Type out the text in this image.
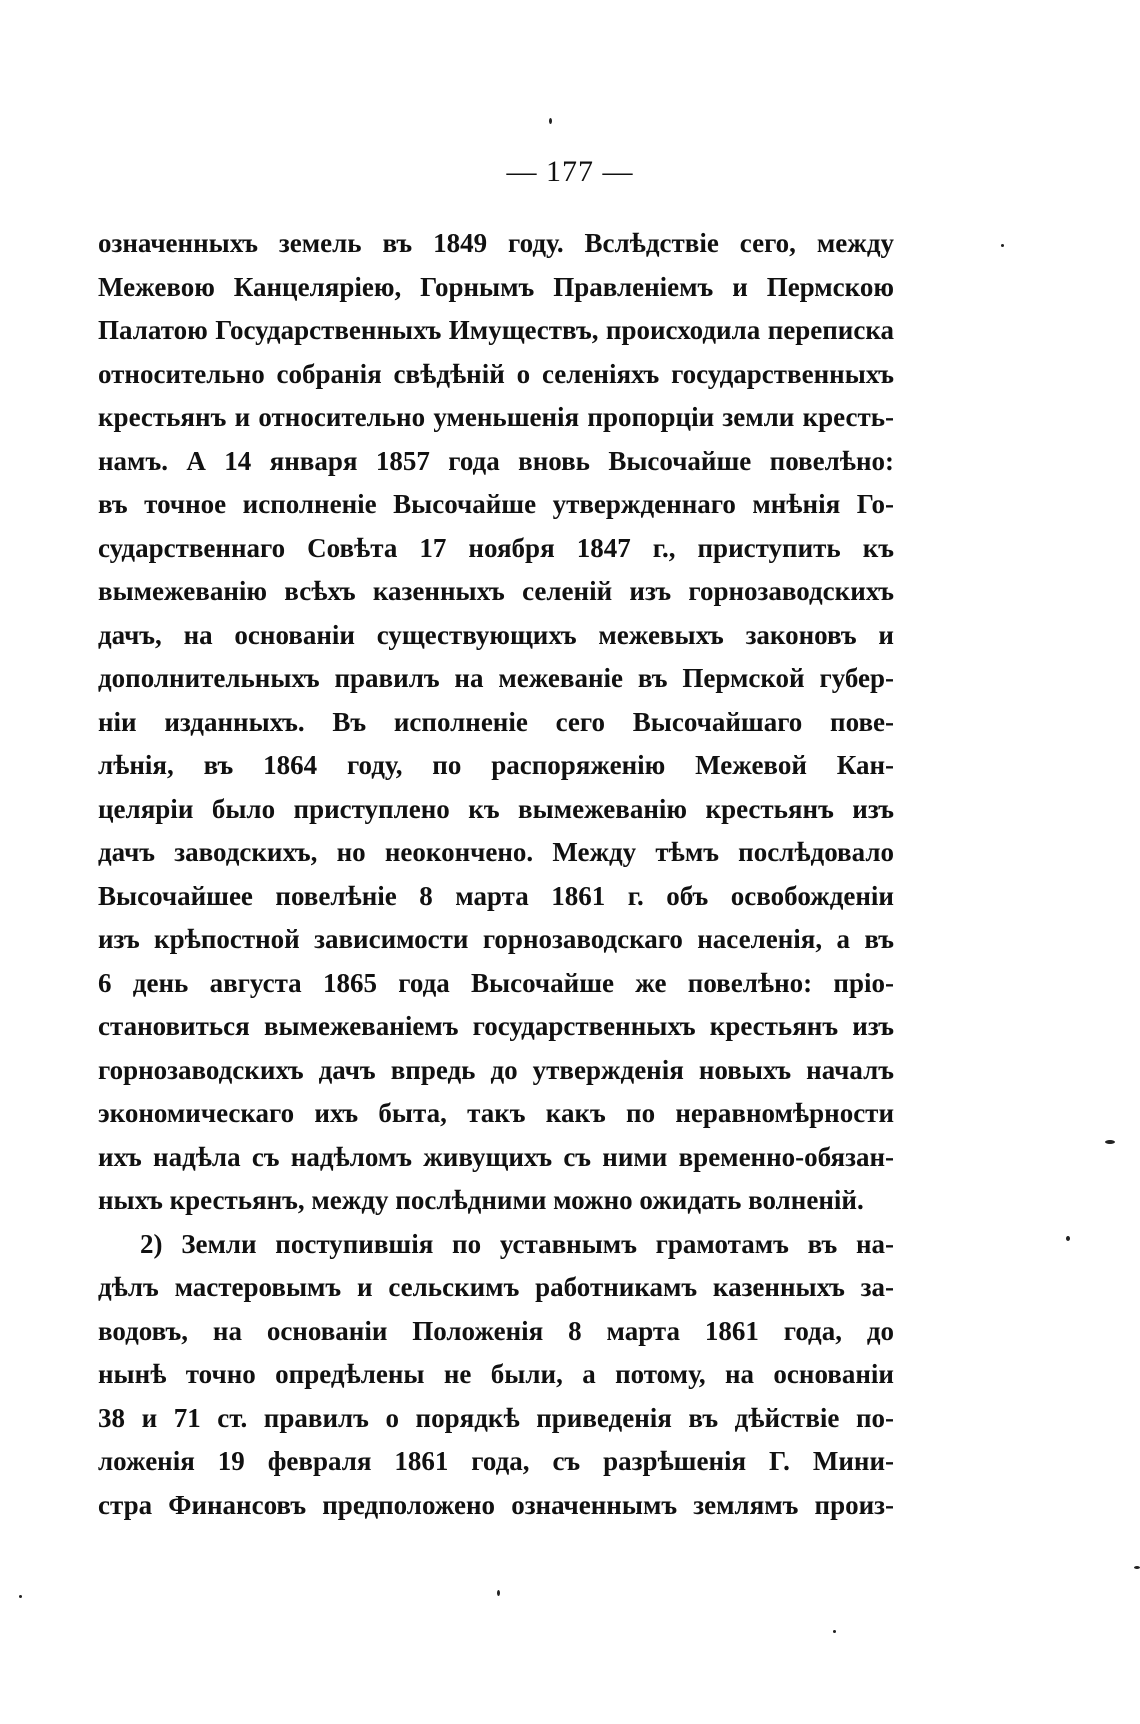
— 177 —
означенныхъ земель въ 1849 году. Вслѣдствіе сего, между
Межевою Канцеляріею, Горнымъ Правленіемъ и Пермскою
Палатою Государственныхъ Имуществъ, происходила переписка
относительно собранія свѣдѣній о селеніяхъ государственныхъ
крестьянъ и относительно уменьшенія пропорціи земли кресть-
намъ. А 14 января 1857 года вновь Высочайше повелѣно:
въ точное исполненіе Высочайше утвержденнаго мнѣнія Го-
сударственнаго Совѣта 17 ноября 1847 г., приступить къ
вымежеванію всѣхъ казенныхъ селеній изъ горнозаводскихъ
дачъ, на основаніи существующихъ межевыхъ законовъ и
дополнительныхъ правилъ на межеваніе въ Пермской губер-
ніи изданныхъ. Въ исполненіе сего Высочайшаго пове-
лѣнія, въ 1864 году, по распоряженію Межевой Кан-
целяріи было приступлено къ вымежеванію крестьянъ изъ
дачъ заводскихъ, но неокончено. Между тѣмъ послѣдовало
Высочайшее повелѣніе 8 марта 1861 г. объ освобожденіи
изъ крѣпостной зависимости горнозаводскаго населенія, а въ
6 день августа 1865 года Высочайше же повелѣно: прio-
становиться вымежеваніемъ государственныхъ крестьянъ изъ
горнозаводскихъ дачъ впредь до утвержденія новыхъ началъ
экономическаго ихъ быта, такъ какъ по неравномѣрности
ихъ надѣла съ надѣломъ живущихъ съ ними временно-обязан-
ныхъ крестьянъ, между послѣдними можно ожидать волненій.
2) Земли поступившія по уставнымъ грамотамъ въ на-
дѣлъ мастеровымъ и сельскимъ работникамъ казенныхъ за-
водовъ, на основаніи Положенія 8 марта 1861 года, до
нынѣ точно опредѣлены не были, а потому, на основаніи
38 и 71 ст. правилъ о порядкѣ приведенія въ дѣйствіе по-
ложенія 19 февраля 1861 года, съ разрѣшенія Г. Мини-
стра Финансовъ предположено означеннымъ землямъ произ-
